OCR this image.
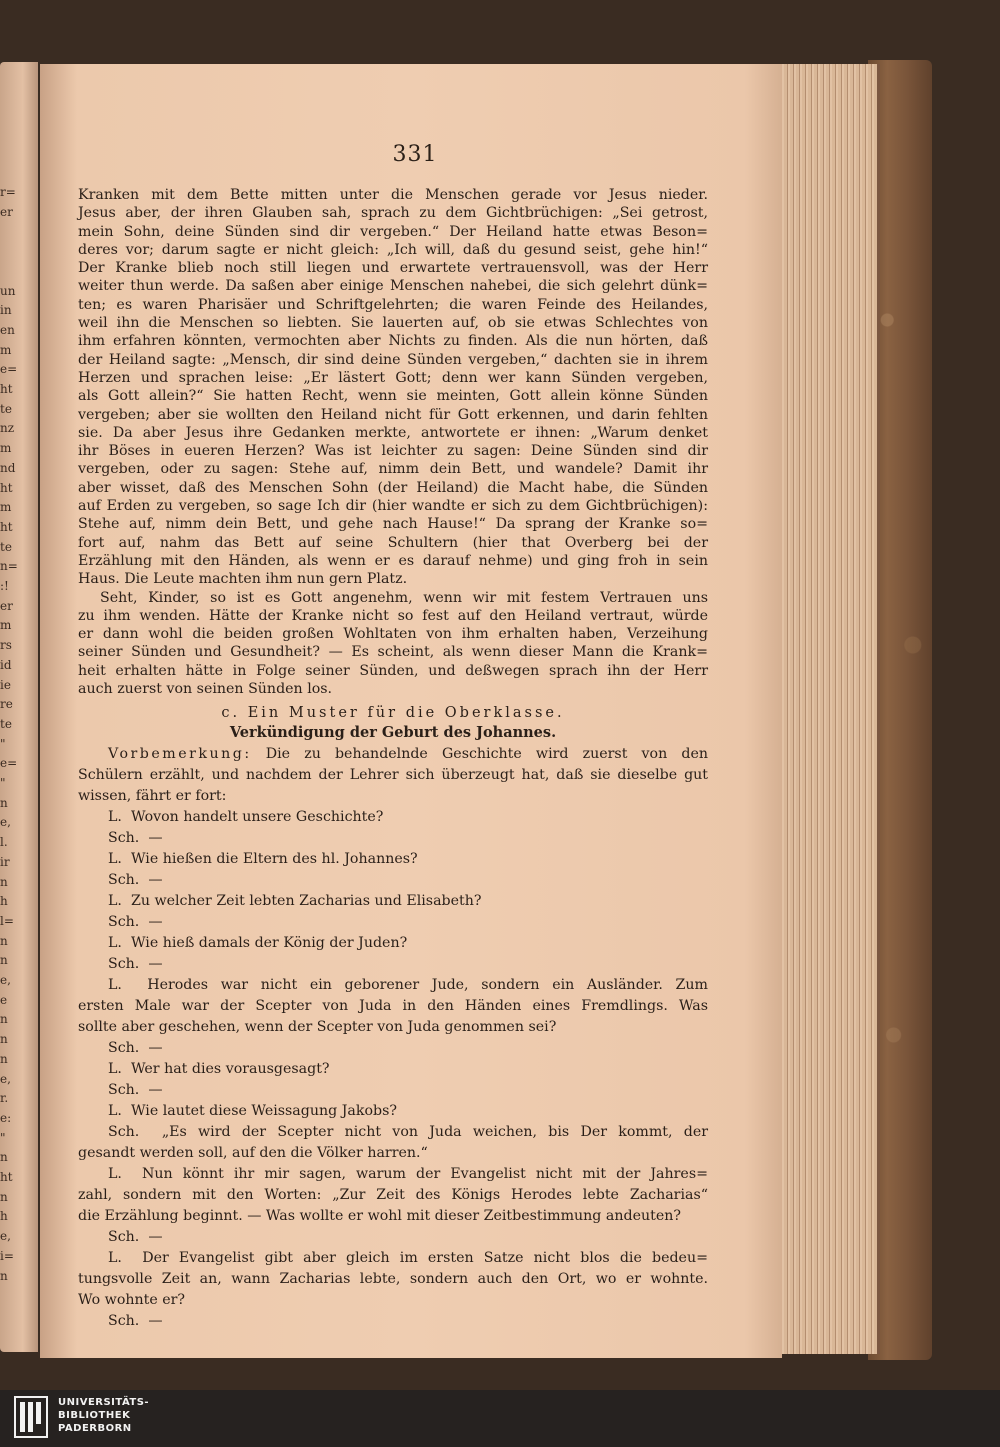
r=
er
un
in
en
m
e=
ht
te
nz
m
nd
ht
m
ht
te
n=
:!
er
m
rs
id
ie
re
te
"
e=
"
n
e,
l.
ir
n
h
l=
n
n
e,
e
n
n
n
e,
r.
e:
"
n
ht
n
h
e,
i=
n
331
Kranken mit dem Bette mitten unter die Menschen gerade vor Jesus nieder.
Jesus aber, der ihren Glauben sah, sprach zu dem Gichtbrüchigen: „Sei getrost,
mein Sohn, deine Sünden sind dir vergeben.“ Der Heiland hatte etwas Beson=
deres vor; darum sagte er nicht gleich: „Ich will, daß du gesund seist, gehe hin!“
Der Kranke blieb noch still liegen und erwartete vertrauensvoll, was der Herr
weiter thun werde. Da saßen aber einige Menschen nahebei, die sich gelehrt dünk=
ten; es waren Pharisäer und Schriftgelehrten; die waren Feinde des Heilandes,
weil ihn die Menschen so liebten. Sie lauerten auf, ob sie etwas Schlechtes von
ihm erfahren könnten, vermochten aber Nichts zu finden. Als die nun hörten, daß
der Heiland sagte: „Mensch, dir sind deine Sünden vergeben,“ dachten sie in ihrem
Herzen und sprachen leise: „Er lästert Gott; denn wer kann Sünden vergeben,
als Gott allein?“ Sie hatten Recht, wenn sie meinten, Gott allein könne Sünden
vergeben; aber sie wollten den Heiland nicht für Gott erkennen, und darin fehlten
sie. Da aber Jesus ihre Gedanken merkte, antwortete er ihnen: „Warum denket
ihr Böses in eueren Herzen? Was ist leichter zu sagen: Deine Sünden sind dir
vergeben, oder zu sagen: Stehe auf, nimm dein Bett, und wandele? Damit ihr
aber wisset, daß des Menschen Sohn (der Heiland) die Macht habe, die Sünden
auf Erden zu vergeben, so sage Ich dir (hier wandte er sich zu dem Gichtbrüchigen):
Stehe auf, nimm dein Bett, und gehe nach Hause!“ Da sprang der Kranke so=
fort auf, nahm das Bett auf seine Schultern (hier that Overberg bei der
Erzählung mit den Händen, als wenn er es darauf nehme) und ging froh in sein
Haus. Die Leute machten ihm nun gern Platz.
Seht, Kinder, so ist es Gott angenehm, wenn wir mit festem Vertrauen uns
zu ihm wenden. Hätte der Kranke nicht so fest auf den Heiland vertraut, würde
er dann wohl die beiden großen Wohltaten von ihm erhalten haben, Verzeihung
seiner Sünden und Gesundheit? — Es scheint, als wenn dieser Mann die Krank=
heit erhalten hätte in Folge seiner Sünden, und deßwegen sprach ihn der Herr
auch zuerst von seinen Sünden los.
c. Ein Muster für die Oberklasse.
Verkündigung der Geburt des Johannes.
Vorbemerkung: Die zu behandelnde Geschichte wird zuerst von den
Schülern erzählt, und nachdem der Lehrer sich überzeugt hat, daß sie dieselbe gut
wissen, fährt er fort:
L. Wovon handelt unsere Geschichte?
Sch. —
L. Wie hießen die Eltern des hl. Johannes?
Sch. —
L. Zu welcher Zeit lebten Zacharias und Elisabeth?
Sch. —
L. Wie hieß damals der König der Juden?
Sch. —
L. Herodes war nicht ein geborener Jude, sondern ein Ausländer. Zum
ersten Male war der Scepter von Juda in den Händen eines Fremdlings. Was
sollte aber geschehen, wenn der Scepter von Juda genommen sei?
Sch. —
L. Wer hat dies vorausgesagt?
Sch. —
L. Wie lautet diese Weissagung Jakobs?
Sch. „Es wird der Scepter nicht von Juda weichen, bis Der kommt, der
gesandt werden soll, auf den die Völker harren.“
L. Nun könnt ihr mir sagen, warum der Evangelist nicht mit der Jahres=
zahl, sondern mit den Worten: „Zur Zeit des Königs Herodes lebte Zacharias“
die Erzählung beginnt. — Was wollte er wohl mit dieser Zeitbestimmung andeuten?
Sch. —
L. Der Evangelist gibt aber gleich im ersten Satze nicht blos die bedeu=
tungsvolle Zeit an, wann Zacharias lebte, sondern auch den Ort, wo er wohnte.
Wo wohnte er?
Sch. —
UNIVERSITÄTS-
BIBLIOTHEK
PADERBORN
